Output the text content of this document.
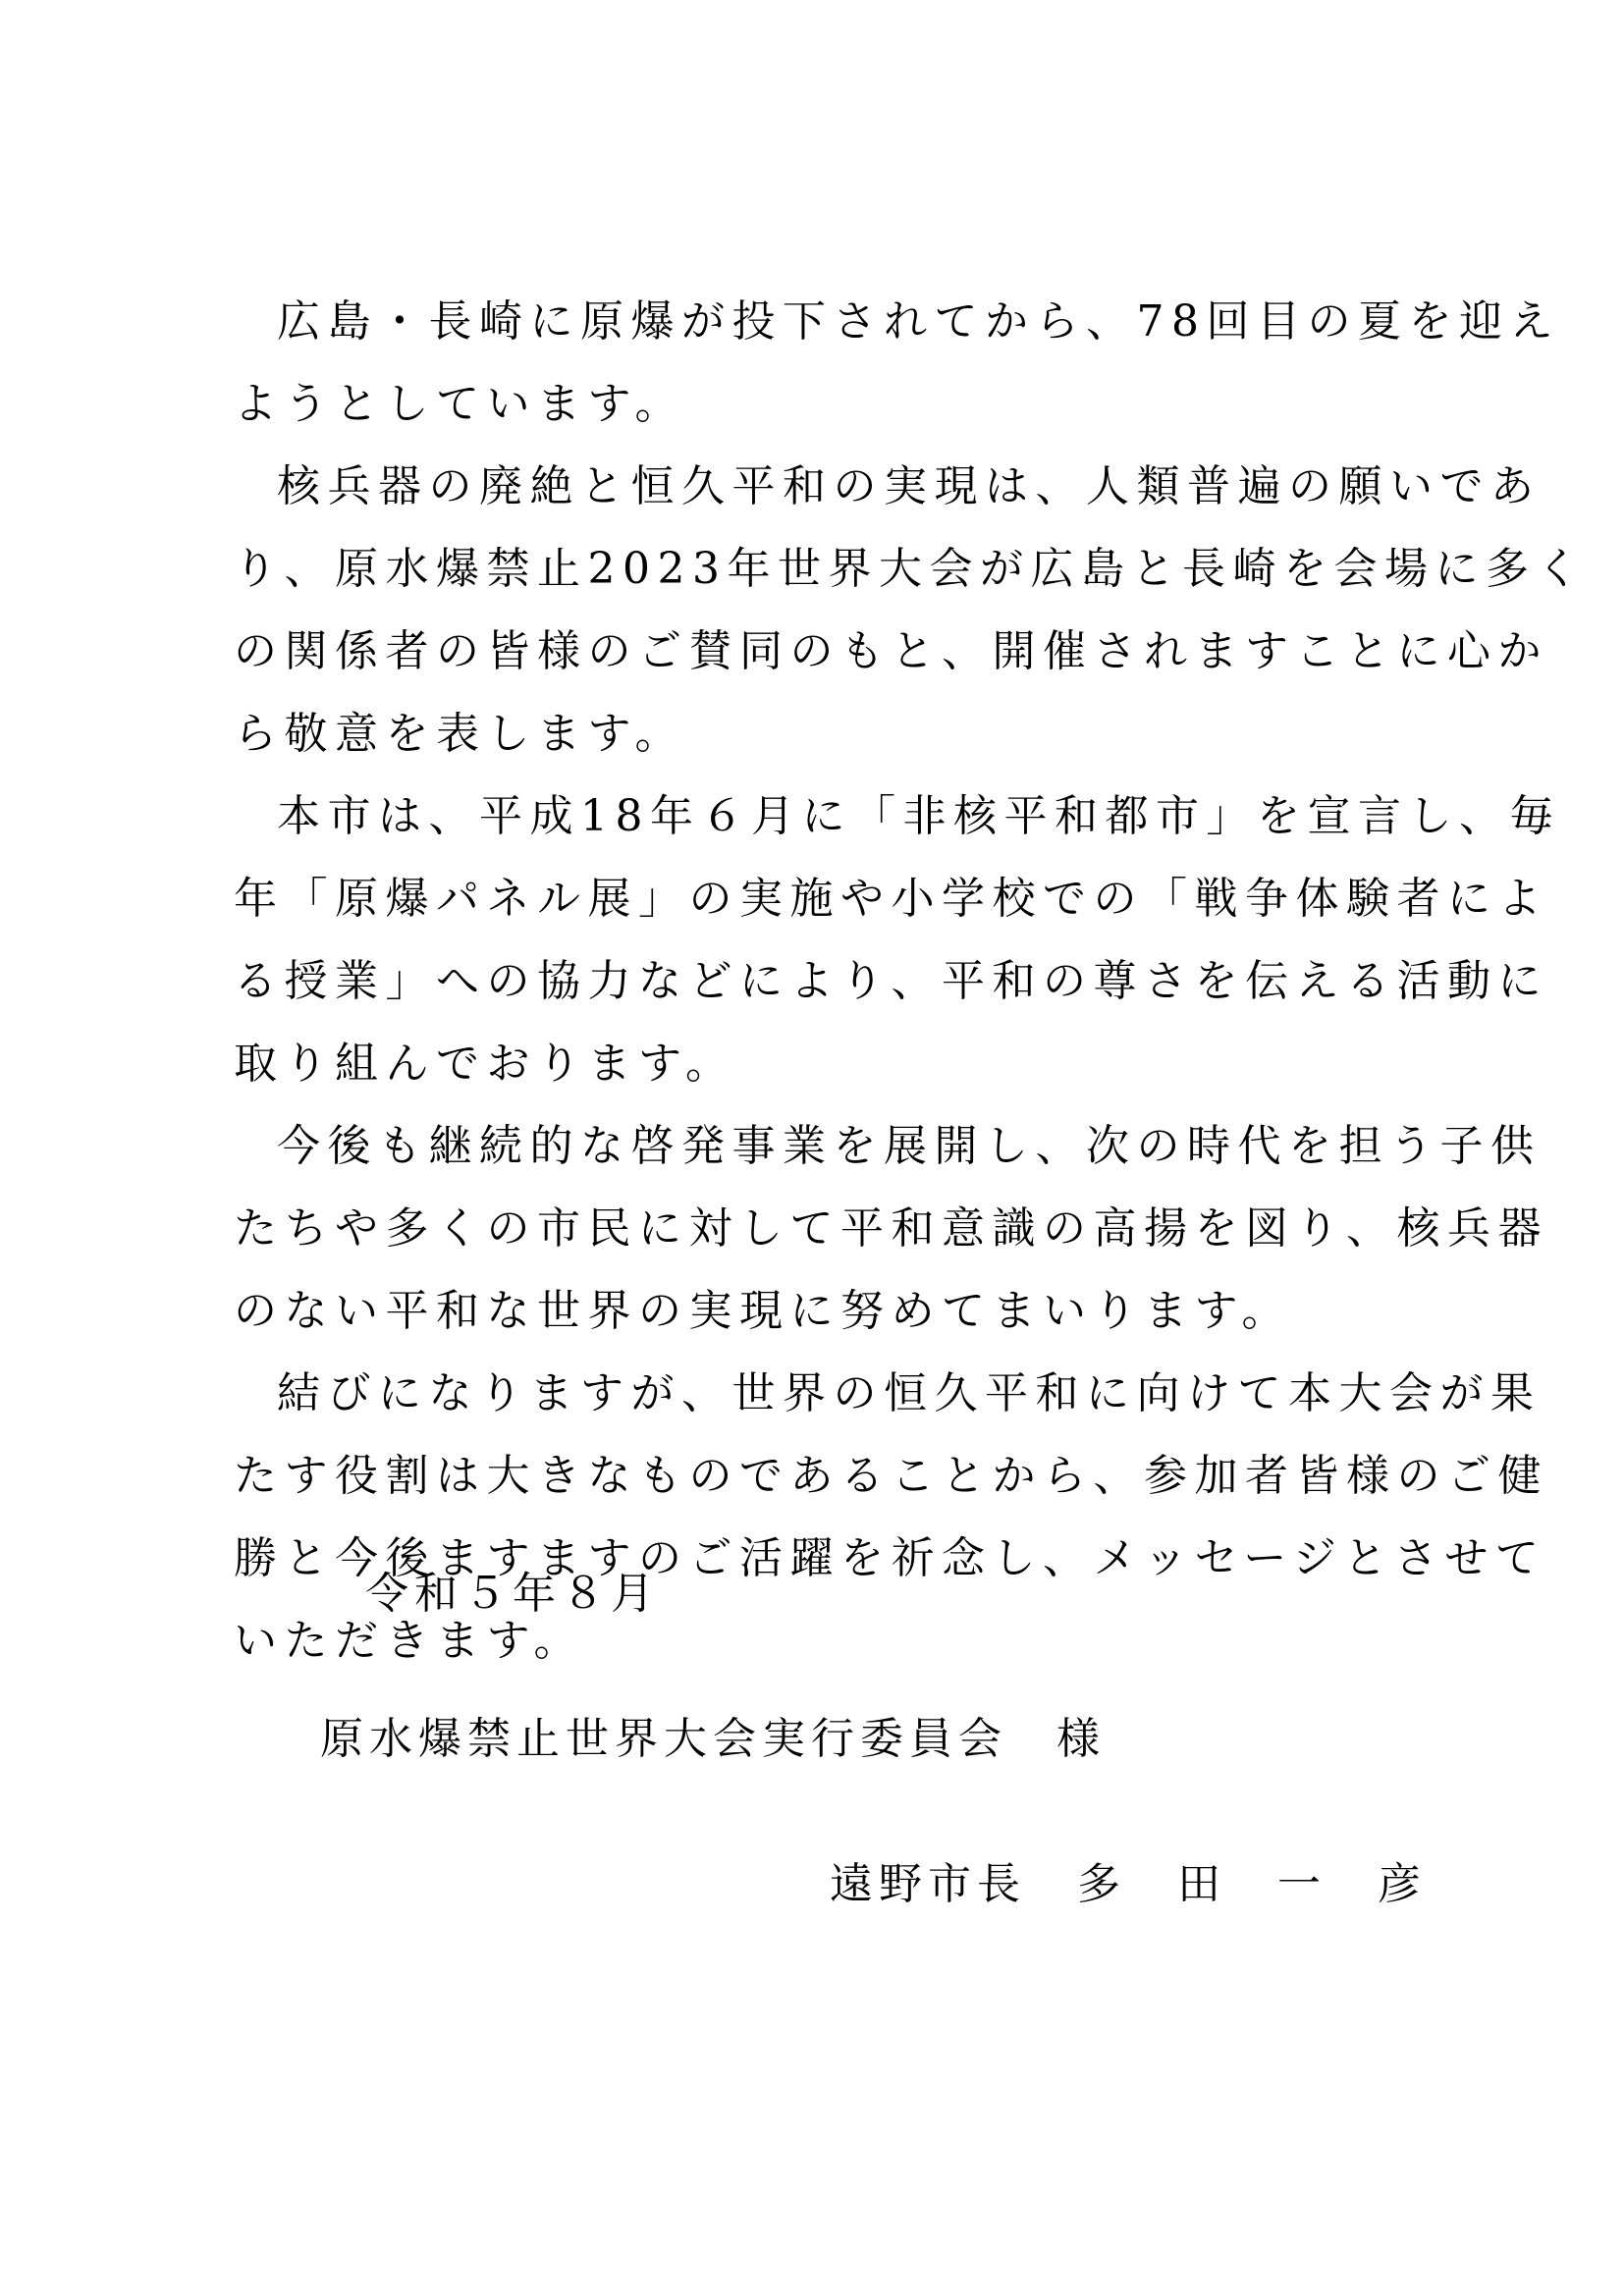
広島・長崎に原爆が投下されてから、78回目の夏を迎え
ようとしています。
核兵器の廃絶と恒久平和の実現は、人類普遍の願いであ
り、原水爆禁止2023年世界大会が広島と長崎を会場に多く
の関係者の皆様のご賛同のもと、開催されますことに心か
ら敬意を表します。
本市は、平成18年６月に「非核平和都市」を宣言し、毎
年「原爆パネル展」の実施や小学校での「戦争体験者によ
る授業」への協力などにより、平和の尊さを伝える活動に
取り組んでおります。
今後も継続的な啓発事業を展開し、次の時代を担う子供
たちや多くの市民に対して平和意識の高揚を図り、核兵器
のない平和な世界の実現に努めてまいります。
結びになりますが、世界の恒久平和に向けて本大会が果
たす役割は大きなものであることから、参加者皆様のご健
勝と今後ますますのご活躍を祈念し、メッセージとさせて
いただきます。
令和５年８月
原水爆禁止世界大会実行委員会　様
遠野市長 多 田 一 彦
